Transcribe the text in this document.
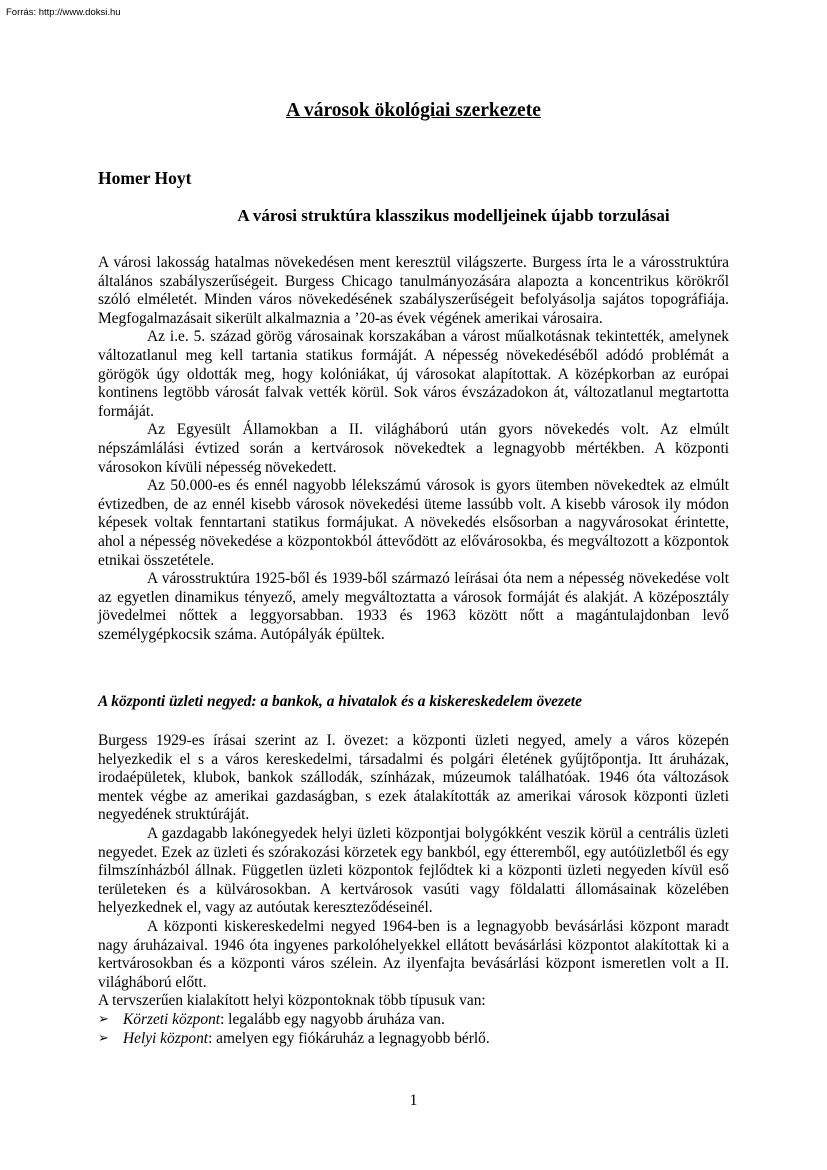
Forrás: http://www.doksi.hu
A városok ökológiai szerkezete
Homer Hoyt
A városi struktúra klasszikus modelljeinek újabb torzulásai

A városi lakosság hatalmas növekedésen ment keresztül világszerte. Burgess írta le a városstruktúra általános szabályszerűségeit. Burgess Chicago tanulmányozására alapozta a koncentrikus körökről szóló elméletét. Minden város növekedésének szabályszerűségeit befolyásolja sajátos topográfiája. Megfogalmazásait sikerült alkalmaznia a ’20-as évek végének amerikai városaira.

Az i.e. 5. század görög városainak korszakában a várost műalkotásnak tekintették, amelynek változatlanul meg kell tartania statikus formáját. A népesség növekedéséből adódó problémát a görögök úgy oldották meg, hogy kolóniákat, új városokat alapítottak. A középkorban az európai kontinens legtöbb városát falvak vették körül. Sok város évszázadokon át, változatlanul megtartotta formáját.

Az Egyesült Államokban a II. világháború után gyors növekedés volt. Az elmúlt népszámlálási évtized során a kertvárosok növekedtek a legnagyobb mértékben. A központi városokon kívüli népesség növekedett.

Az 50.000-es és ennél nagyobb lélekszámú városok is gyors ütemben növekedtek az elmúlt évtizedben, de az ennél kisebb városok növekedési üteme lassúbb volt. A kisebb városok ily módon képesek voltak fenntartani statikus formájukat. A növekedés elsősorban a nagyvárosokat érintette, ahol a népesség növekedése a központokból áttevődött az elővárosokba, és megváltozott a központok etnikai összetétele.

A városstruktúra 1925-ből és 1939-ből származó leírásai óta nem a népesség növekedése volt az egyetlen dinamikus tényező, amely megváltoztatta a városok formáját és alakját. A középosztály jövedelmei nőttek a leggyorsabban. 1933 és 1963 között nőtt a magántulajdonban levő személygépkocsik száma. Autópályák épültek.

A központi üzleti negyed: a bankok, a hivatalok és a kiskereskedelem övezete

Burgess 1929-es írásai szerint az I. övezet: a központi üzleti negyed, amely a város közepén helyezkedik el s a város kereskedelmi, társadalmi és polgári életének gyűjtőpontja. Itt áruházak, irodaépületek, klubok, bankok szállodák, színházak, múzeumok találhatóak. 1946 óta változások mentek végbe az amerikai gazdaságban, s ezek átalakították az amerikai városok központi üzleti negyedének struktúráját.

A gazdagabb lakónegyedek helyi üzleti központjai bolygókként veszik körül a centrális üzleti negyedet. Ezek az üzleti és szórakozási körzetek egy bankból, egy étteremből, egy autóüzletből és egy filmszínházból állnak. Független üzleti központok fejlődtek ki a központi üzleti negyeden kívül eső területeken és a külvárosokban. A kertvárosok vasúti vagy földalatti állomásainak közelében helyezkednek el, vagy az autóutak kereszteződéseinél.

A központi kiskereskedelmi negyed 1964-ben is a legnagyobb bevásárlási központ maradt nagy áruházaival. 1946 óta ingyenes parkolóhelyekkel ellátott bevásárlási központot alakítottak ki a kertvárosokban és a központi város szélein. Az ilyenfajta bevásárlási központ ismeretlen volt a II. világháború előtt.

A tervszerűen kialakított helyi központoknak több típusuk van:

➢ Körzeti központ: legalább egy nagyobb áruháza van.
➢ Helyi központ: amelyen egy fiókáruház a legnagyobb bérlő.
1
